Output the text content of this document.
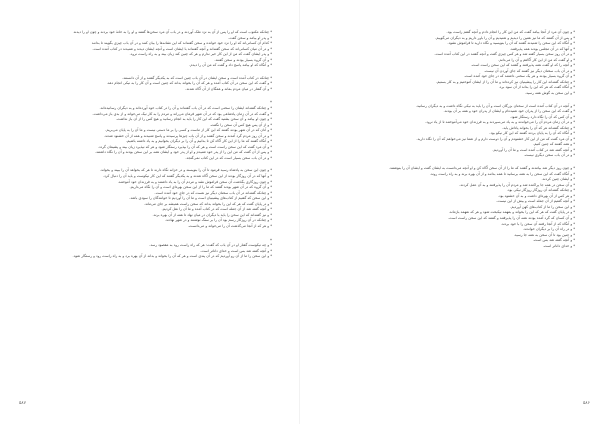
* چنانکه مکتوب است که او را پس از آن به نزد ملک آوردند و در باب آن مرد سخن‌ها گفتند و او را به خانهٔ خود بردند و چون او را دیدند

* و پدر او بیامد و سخن گفت.

* کدام آن کسانی‌اند که او را نزد خود خوانده و سخن گفته‌اند که این نشانه‌ها را بیان کنند و در آن باب چیزی بگویند تا بدانند

* و در آن میان کسانی‌اند که سخن گفته‌اند و آنچه گفته‌اند با ایشان است و آنچه ایشان دیدند و شنیدند در کتاب آمده است.

* و پدر ایشان گفت که من از این کار خبر ندارم و هر که چنین کند زیان بیند و به راه راست نرود.

* و آن گروه بسیار بودند و سخن گفتند.

* و آنگاه که او بیامد پاسخ داد و گفت که من آن را دیدم.

* چنانکه در کتاب آمده است و سخن ایشان در آن باب چنین است که به یکدیگر گفتند و از آن دانستند.

* و گفت که این سخن در آن کتاب آمده و هر که آن را بخواند بداند که چنین است و آن کار را به نیکی انجام دهد.

* و آن گفتار در میان مردم بماند و همگان از آن آگاه شدند.

*

* و چنانکه گفته‌اند ایشان را سخنی است که در آن باب گفته‌اند و آن را در کتاب خود آورده‌اند و به دیگران رسانیده‌اند.

* و گفت که در آن زمان پادشاهی بود که در آن شهر فرمان می‌راند و مردم را به کار نیک می‌خواند و از بدی باز می‌داشت.

* و چون او بیامد و آن سخن بشنید گفت که این کار را باید به انجام رسانید و هیچ کس را از آن باز نداشت.

* و از آن پس هیچ کس آن سخن را نگفت.

* و آنان که در آن شهر بودند گفتند که این کار از ماست و کسی را بر ما دستی نیست و ما آن را به پایان می‌بریم.

* و در آن روز مردم گرد آمدند و سخن گفتند و از آن باب چیزها پرسیدند و پاسخ شنیدند و همه از آن خشنود شدند.

* و آنگاه گفتند که ما را از این کار آگاه کن تا بدانیم و آن را بر دیگران بخوانیم و به یاد داشته باشیم.

* و آن مرد گفت که این سخن راست است و هر که آن را بپذیرد رستگار شود و هر که نپذیرد زیان بیند و پشیمان گردد.

* و پس از آن گفت که من این را از پدر خود شنیدم و او از پدر خود و ایشان همه بر این سخن بودند و آن را نگاه داشتند.

* و در آن باب سخن بسیار است که در این کتاب نمی‌گنجد.

* و چون این سخن به پادشاه رسید فرمود تا آن را بنویسند و در خزانه نگاه دارند تا هر که بخواهد آن را ببیند و بخواند.

* و آنها که در آن روزگار بودند از این سخن آگاه شدند و به یکدیگر گفتند که این کار نیکوست و باید آن را دنبال کرد.

* و چون روزگاری بگذشت آن سخن فراموش نشد و مردم آن را به یاد داشتند و به فرزندان خود آموختند.

* و آن گروه که در آن شهر بودند گفتند که ما را از این سخن بهره‌ای است و آن را نگاه می‌داریم.

* و چنانکه گفته‌اند در آن باب سخنان دیگر نیز هست که در جای خود آمده است.

* و این سخن که گفتیم از کتاب‌های پیشینیان است و ما آن را آوردیم تا خوانندگان را سودی باشد.

* و در پایان گفت که هر که این را بخواند بداند که سخن راست همیشه بر جای می‌ماند.

* و آنچه گفته شد از آن جمله است که در کتاب آمده و ما آن را نقل کردیم.

* و نیز گفته‌اند که این سخن را باید با دیگران در میان نهاد تا همه از آن بهره برند.

* و چنانکه در آن روزگار رسم بود آن را بر سنگ نوشتند و در شهر نهادند.

* و هر که از آنجا می‌گذشت آن را می‌خواند و می‌دانست.

*

* و چه نیکوست گفتار او در آن باب که گفت: هر که راه راست رود به مقصود رسد.

* و آنچه گفته شد بس است و خدای داناتر است.

* و این سخن را ما از آن رو آوردیم که در آن پندی است و هر که آن را بخواند و بداند از آن بهره برد و به راه راست رود و رستگار شود.

۵۸۷

* و چون آن مرد از آنجا بیامد گفت که من این کار را انجام دادم و آنچه گفتم راست بود.

* و پس از آن گفتند که ما نیز همین را دیدیم و شنیدیم و آن را باور داریم و به دیگران می‌گوییم.

* و آنگاه که این سخن را شنیدند گفتند که آن را بنویسید و نگاه دارید تا فراموش نشود.

* و آنها که در آن مجلس بودند همه پذیرفتند.

* و در آن روز سخن بسیار گفته شد و هر کس چیزی گفت و آنچه گفتند در این کتاب آمده است.

* و او گفت که من از این کار آگاهم و آن را می‌دانم.

* و آنچه را که او گفت همه پذیرفتند و گفتند که این سخن راست است.

* و در آن باب سخنان دیگر نیز گفتند که جای آوردن آن نیست.

* و آن گروه بسیار بودند و هر یک سخنی داشتند که در جای خود آمده است.

* و چنانکه گفته‌اند این کار را پیشینیان نیز کرده‌اند و ما آن را از ایشان آموختیم و به کار بستیم.

* و آنگاه گفت که هر که این را بداند از آن سود برد.

* و این سخن به گوش همه رسید.

* و آنچه در آن کتاب آمده است از سخنان بزرگان است و آن را باید به نیکی نگاه داشت و به دیگران رسانید.

* و گفت که این سخن را از پدران خود شنیده‌ام و ایشان از پدران خود و همه بر آن بودند.

* و آن کس که آن را نگاه دارد رستگار شود.

* و در آن زمان مردم آن را می‌خواندند و به یاد می‌سپردند و به فرزندان خود می‌آموختند تا از یاد نرود.

* و چنانکه گفته‌اند هر که آن را بخواند پاداش یابد.

* و آنگاه که آن را به پایان بردند گفتند که این کار نیکو بود.

* و آن مرد گفت که من از این کار خشنودم و آن را دوست دارم و از شما نیز می‌خواهم که آن را نگاه دارید.

* و همه گفتند که چنین کنیم.

* و آنچه گفته شد در کتاب آمده است و ما آن را آوردیم.

* و در آن باب سخن دیگری نیست.

* و چون روز دیگر شد بیامدند و گفتند که ما را از آن سخن آگاه کن و او آنچه می‌دانست به ایشان گفت و ایشان آن را بنوشتند.

* و آنگاه گفت که این سخن را به همه برسانید تا همه بدانند و از آن بهره برند و به راه راست روند.

* و ایشان چنین کردند.

* و آن سخن در همه جا پراکنده شد و مردم آن را پذیرفتند و به آن عمل کردند.

* و چنانکه گفته‌اند آن روزگار روزگار نیکی بود.

* و هر کس از آن بهره‌ای داشت و به آن خشنود بود.

* و آنچه گفتیم از آن جمله است و بیش از این نیست.

* و این سخن را ما از کتاب‌های کهن آوردیم.

* و در پایان گفت که هر که این را بخواند و بفهمد نیکبخت شود و هر که نفهمد بازماند.

* و آن کسان که گرد آمده بودند همه آن را پذیرفتند و گفتند که این سخن راست است.

* و آنگاه که از آنجا رفتند آن سخن را با خود بردند.

* و در راه آن را بر دیگران خواندند.

* و چنین بود تا آن سخن به همه جا رسید.

* و آنچه گفته شد بس است.

* و خدای داناتر است.

۵۸۶
